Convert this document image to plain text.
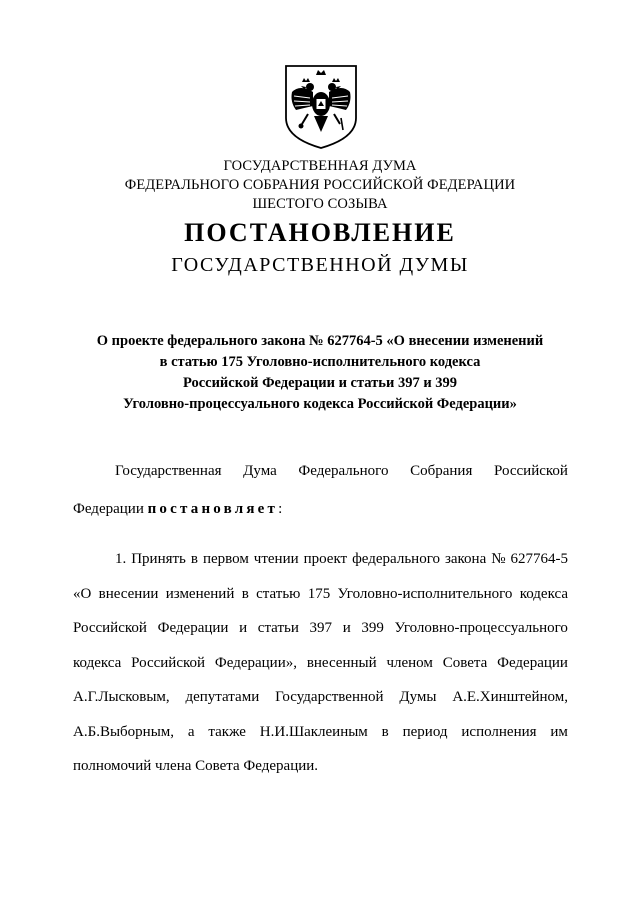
ГОСУДАРСТВЕННАЯ ДУМА
ФЕДЕРАЛЬНОГО СОБРАНИЯ РОССИЙСКОЙ ФЕДЕРАЦИИ
ШЕСТОГО СОЗЫВА
ПОСТАНОВЛЕНИЕ
ГОСУДАРСТВЕННОЙ ДУМЫ
О проекте федерального закона № 627764-5 «О внесении изменений
в статью 175 Уголовно-исполнительного кодекса
Российской Федерации и статьи 397 и 399
Уголовно-процессуального кодекса Российской Федерации»
Государственная Дума Федерального Собрания Российской
Федерации постановляет:
1. Принять в первом чтении проект федерального закона № 627764-5
«О внесении изменений в статью 175 Уголовно-исполнительного кодекса
Российской Федерации и статьи 397 и 399 Уголовно-процессуального
кодекса Российской Федерации», внесенный членом Совета Федерации
А.Г.Лысковым, депутатами Государственной Думы А.Е.Хинштейном,
А.Б.Выборным, а также Н.И.Шаклеиным в период исполнения им
полномочий члена Совета Федерации.
